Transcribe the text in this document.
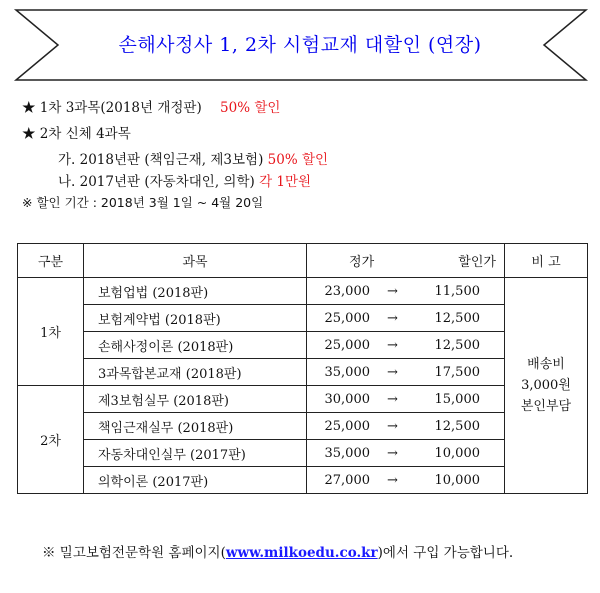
손해사정사 1, 2차 시험교재 대할인 (연장)
★ 1차 3과목(2018년 개정판) 50% 할인
★ 2차 신체 4과목
가. 2018년판 (책임근재, 제3보험) 50% 할인
나. 2017년판 (자동차대인, 의학) 각 1만원
※ 할인 기간 : 2018년 3월 1일 ~ 4월 20일
구분	과목	정가 할인가	비 고
1차	보험업법 (2018판)	23,000 → 11,500	배송비
3,000원
본인부담

	보험계약법 (2018판)	25,000 → 12,500	
	손해사정이론 (2018판)	25,000 → 12,500	
	3과목합본교재 (2018판)	35,000 → 17,500	
2차	제3보험실무 (2018판)	30,000 → 15,000	
	책임근재실무 (2018판)	25,000 → 12,500	
	자동차대인실무 (2017판)	35,000 → 10,000	
	의학이론 (2017판)	27,000 → 10,000	
※ 밀고보험전문학원 홈페이지(www.milkoedu.co.kr)에서 구입 가능합니다.
